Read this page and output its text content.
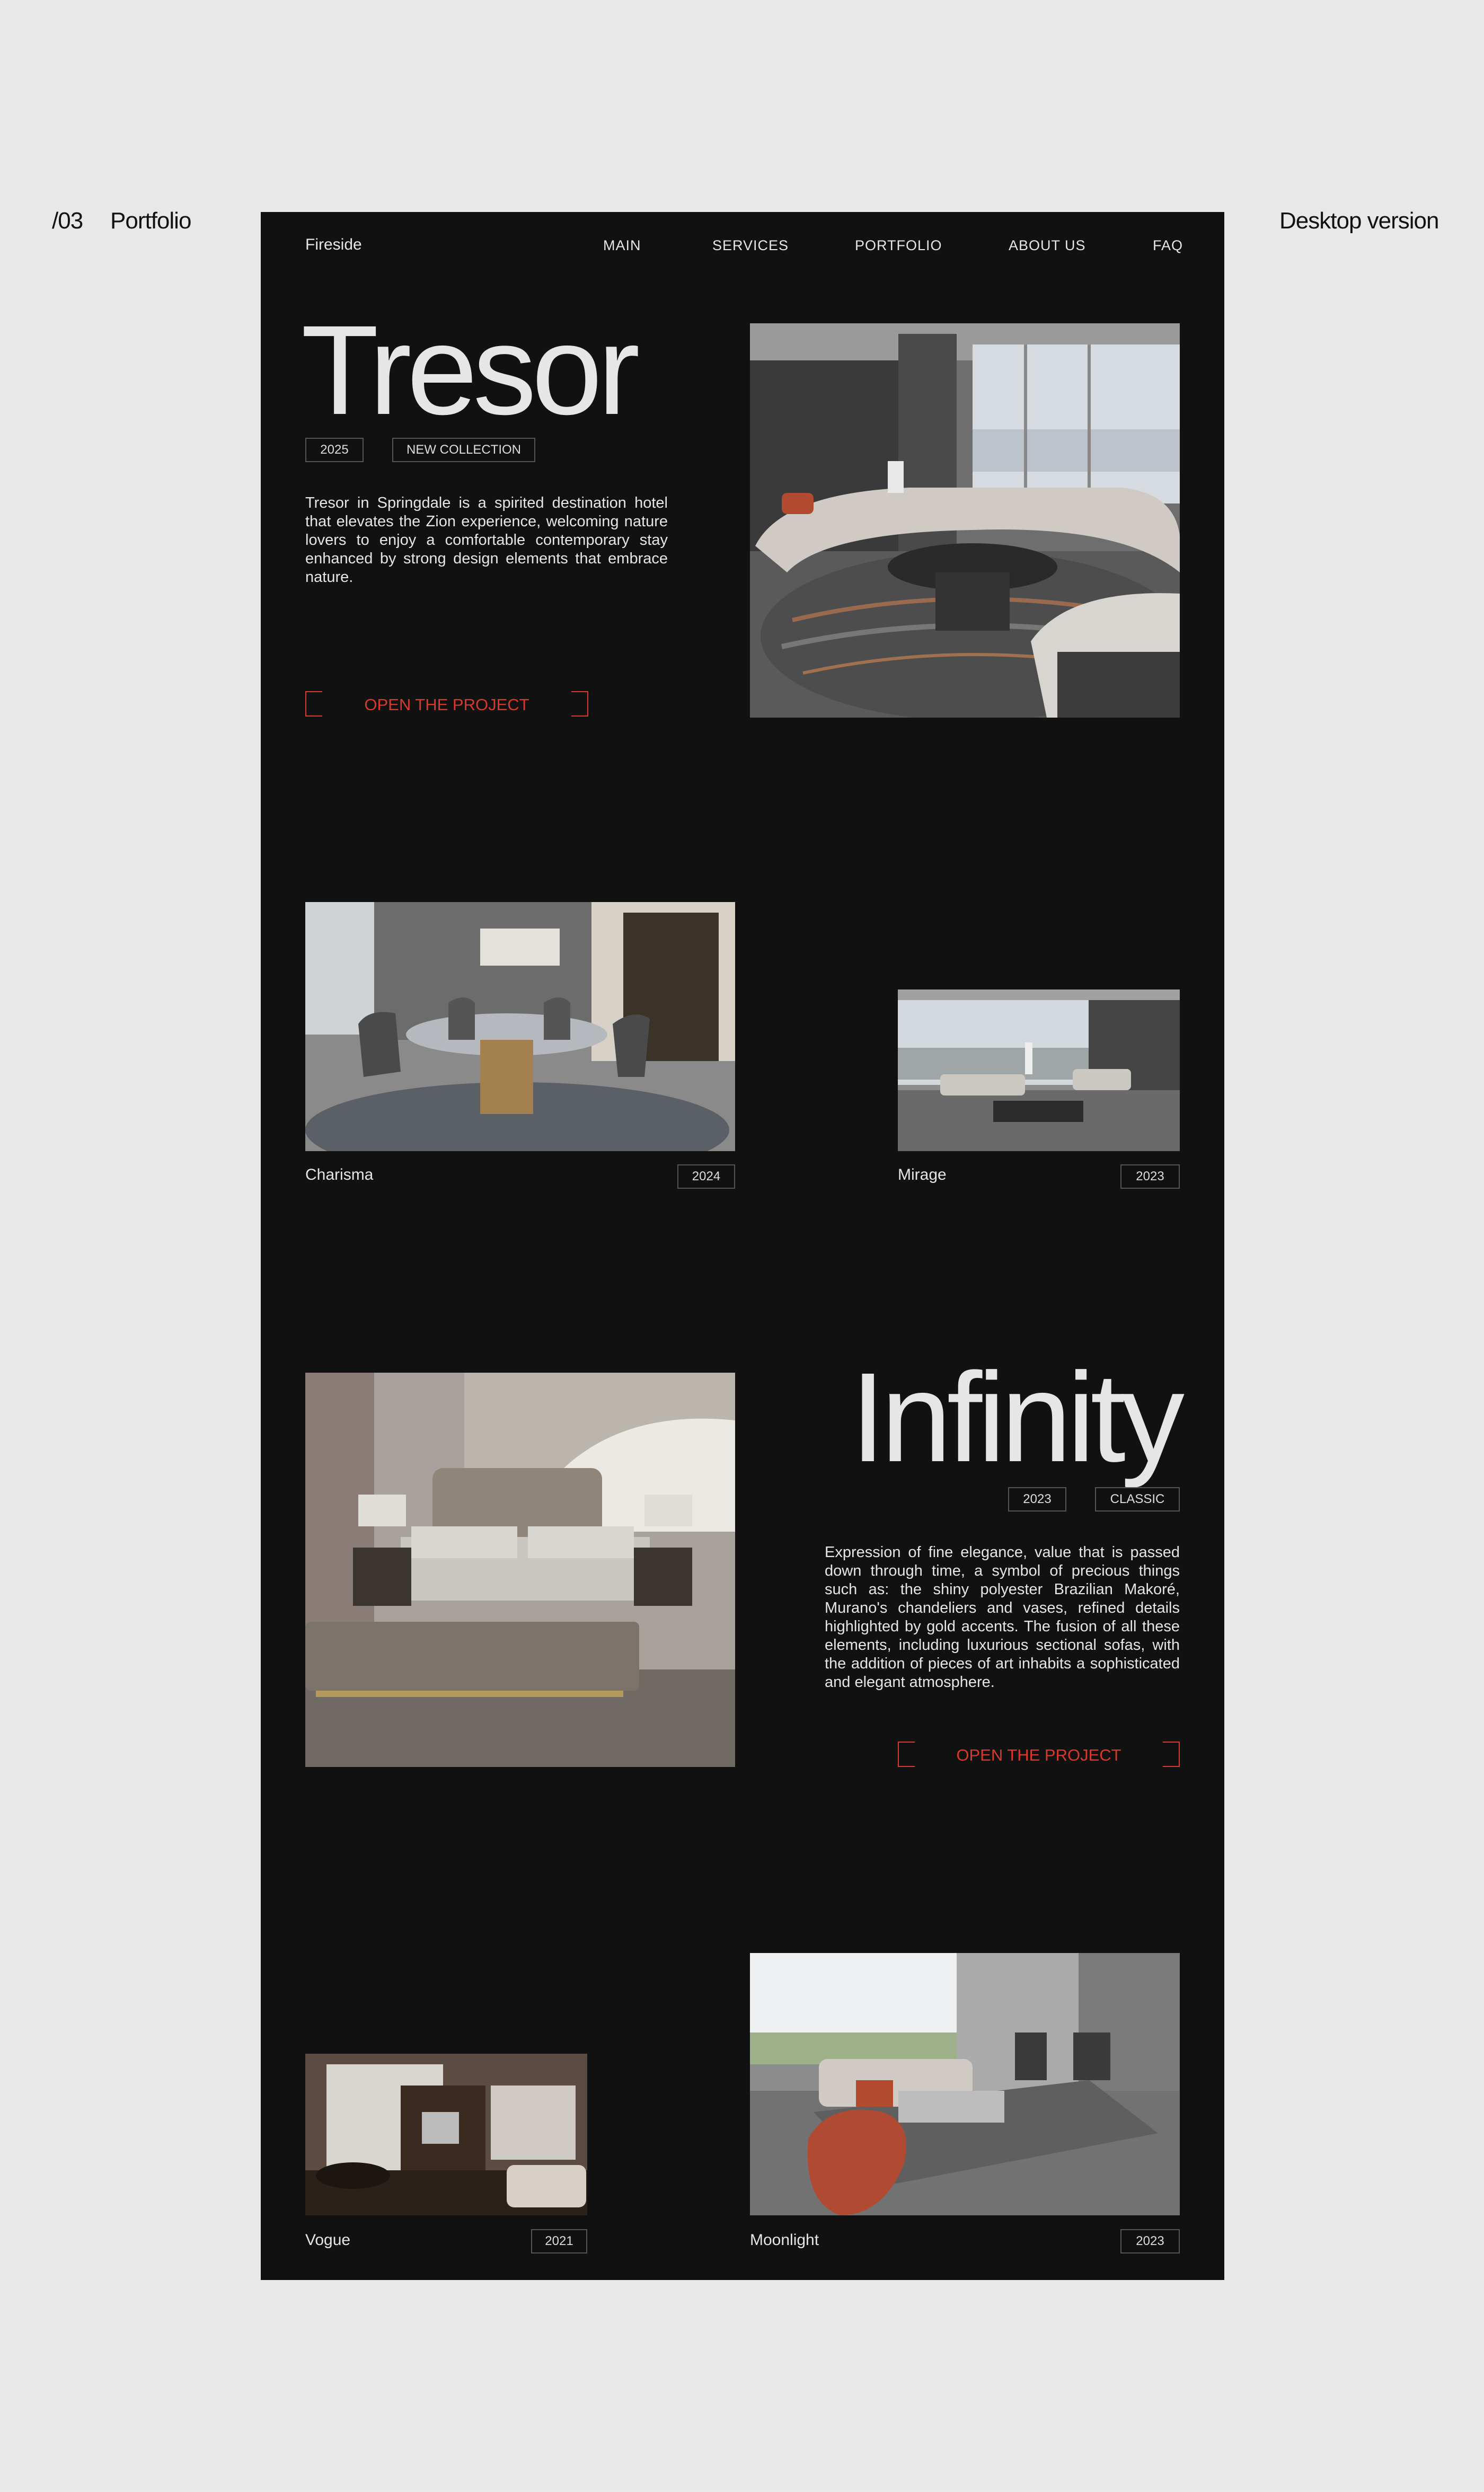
/03 Portfolio	Desktop version
Fireside	MAIN	SERVICES	PORTFOLIO	ABOUT US	FAQ
Tresor
2025	NEW COLLECTION
Tresor in Springdale is a spirited destination hotel that elevates the Zion experience, welcoming nature lovers to enjoy a comfortable contemporary stay enhanced by strong design elements that embrace nature.
OPEN THE PROJECT
Charisma	2024	Mirage	2023
Infinity
2023	CLASSIC
Expression of fine elegance, value that is passed down through time, a symbol of precious things such as: the shiny polyester Brazilian Makoré, Murano's chandeliers and vases, refined details highlighted by gold accents. The fusion of all these elements, including luxurious sectional sofas, with the addition of pieces of art inhabits a sophisticated and elegant atmosphere.
OPEN THE PROJECT
Vogue	2021	Moonlight	2023
